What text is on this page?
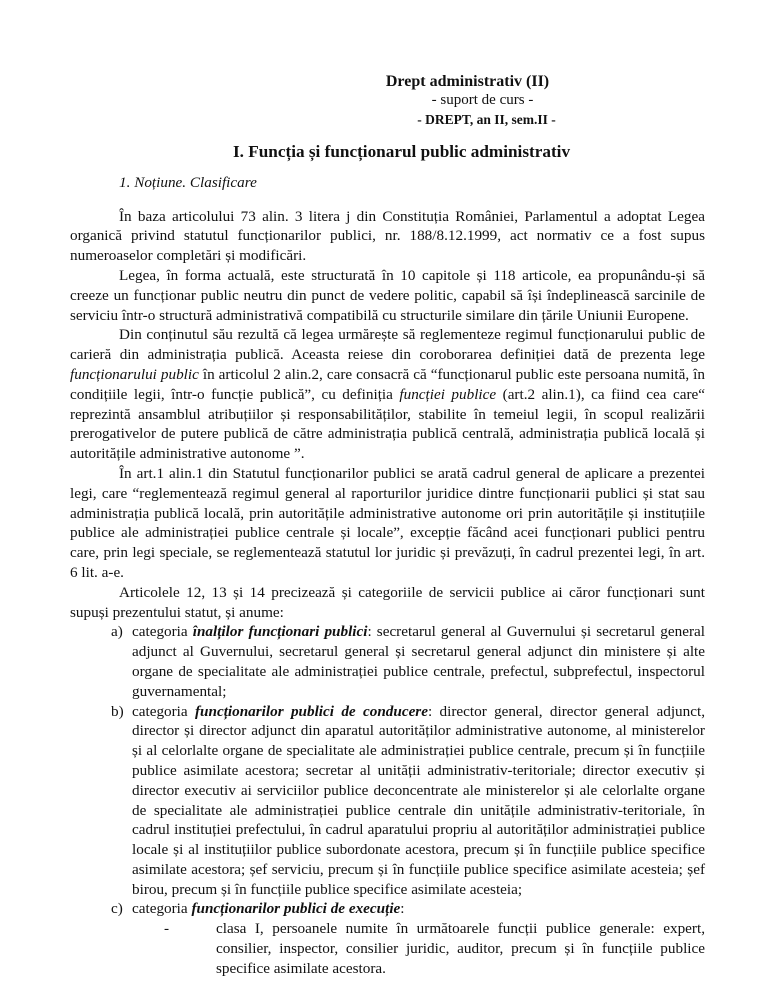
Drept administrativ (II)
- suport de curs -
- DREPT, an II, sem.II -
I. Funcția și funcționarul public administrativ
1. Noțiune. Clasificare

În baza articolului 73 alin. 3 litera j din Constituția României, Parlamentul a adoptat Legea organică privind statutul funcționarilor publici, nr. 188/8.12.1999, act normativ ce a fost supus numeroaselor completări și modificări.

Legea, în forma actuală, este structurată în 10 capitole și 118 articole, ea propunându-și să creeze un funcționar public neutru din punct de vedere politic, capabil să își îndeplinească sarcinile de serviciu într-o structură administrativă compatibilă cu structurile similare din țările Uniunii Europene.

Din conținutul său rezultă că legea urmărește să reglementeze regimul funcționarului public de carieră din administrația publică. Aceasta reiese din coroborarea definiției dată de prezenta lege funcționarului public în articolul 2 alin.2, care consacră că “funcționarul public este persoana numită, în condițiile legii, într-o funcție publică”, cu definiția funcției publice (art.2 alin.1), ca fiind cea care“ reprezintă ansamblul atribuțiilor și responsabilităților, stabilite în temeiul legii, în scopul realizării prerogativelor de putere publică de către administrația publică centrală, administrația publică locală și autoritățile administrative autonome ”.

În art.1 alin.1 din Statutul funcționarilor publici se arată cadrul general de aplicare a prezentei legi, care “reglementează regimul general al raporturilor juridice dintre funcționarii publici și stat sau administrația publică locală, prin autoritățile administrative autonome ori prin autoritățile și instituțiile publice ale administrației publice centrale și locale”, excepție făcând acei funcționari publici pentru care, prin legi speciale, se reglementează statutul lor juridic și prevăzuți, în cadrul prezentei legi, în art. 6 lit. a-e.

Articolele 12, 13 și 14 precizează și categoriile de servicii publice ai căror funcționari sunt supuși prezentului statut, și anume:

a) categoria înalților funcționari publici: secretarul general al Guvernului și secretarul general adjunct al Guvernului, secretarul general și secretarul general adjunct din ministere și alte organe de specialitate ale administrației publice centrale, prefectul, subprefectul, inspectorul guvernamental;
b) categoria funcționarilor publici de conducere: director general, director general adjunct, director și director adjunct din aparatul autorităților administrative autonome, al ministerelor și al celorlalte organe de specialitate ale administrației publice centrale, precum și în funcțiile publice asimilate acestora; secretar al unității administrativ-teritoriale; director executiv și director executiv ai serviciilor publice deconcentrate ale ministerelor și ale celorlalte organe de specialitate ale administrației publice centrale din unitățile administrativ-teritoriale, în cadrul instituției prefectului, în cadrul aparatului propriu al autorităților administrației publice locale și al instituțiilor publice subordonate acestora, precum și în funcțiile publice specifice asimilate acestora; șef serviciu, precum și în funcțiile publice specifice asimilate acesteia; șef birou, precum și în funcțiile publice specifice asimilate acesteia;
c) categoria funcționarilor publici de execuție:
-	clasa I, persoanele numite în următoarele funcții publice generale: expert, consilier, inspector, consilier juridic, auditor, precum și în funcțiile publice specifice asimilate acestora.
